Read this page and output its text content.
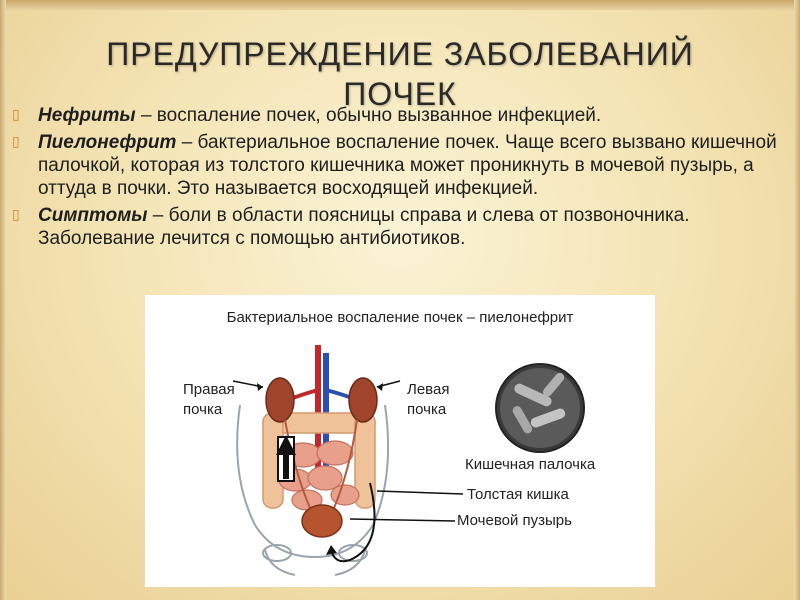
ПРЕДУПРЕЖДЕНИЕ ЗАБОЛЕВАНИЙ ПОЧЕК
▯ Нефриты – воспаление почек, обычно вызванное инфекцией.
▯ Пиелонефрит – бактериальное воспаление почек. Чаще всего вызвано кишечной палочкой, которая из толстого кишечника может проникнуть в мочевой пузырь, а оттуда в почки. Это называется восходящей инфекцией.
▯ Симптомы – боли в области поясницы справа и слева от позвоночника. Заболевание лечится с помощью антибиотиков.
Бактериальное воспаление почек – пиелонефрит
Правая
почка
Левая
почка
Кишечная палочка
Толстая кишка
Мочевой пузырь
